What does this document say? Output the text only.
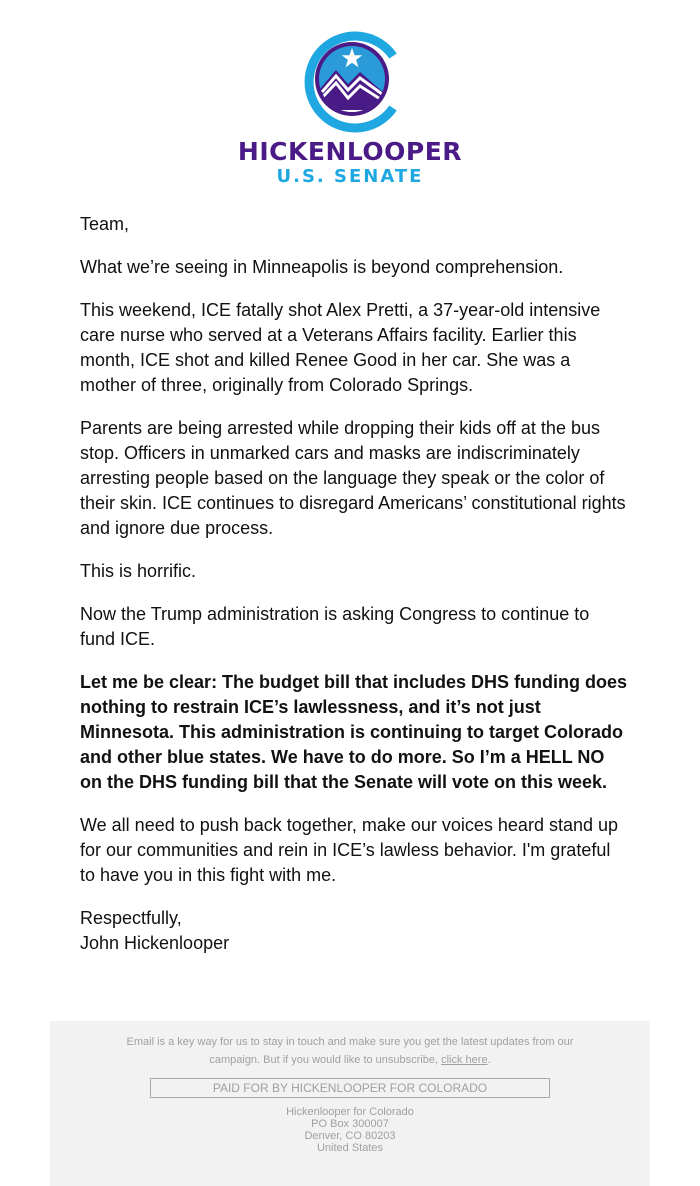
HICKENLOOPER
U.S. SENATE

Team,

What we’re seeing in Minneapolis is beyond comprehension.

This weekend, ICE fatally shot Alex Pretti, a 37-year-old intensive care nurse who served at a Veterans Affairs facility. Earlier this month, ICE shot and killed Renee Good in her car. She was a mother of three, originally from Colorado Springs.

Parents are being arrested while dropping their kids off at the bus stop. Officers in unmarked cars and masks are indiscriminately arresting people based on the language they speak or the color of their skin. ICE continues to disregard Americans’ constitutional rights and ignore due process.

This is horrific.

Now the Trump administration is asking Congress to continue to fund ICE.

Let me be clear: The budget bill that includes DHS funding does nothing to restrain ICE’s lawlessness, and it’s not just Minnesota. This administration is continuing to target Colorado and other blue states. We have to do more. So I’m a HELL NO on the DHS funding bill that the Senate will vote on this week.

We all need to push back together, make our voices heard stand up for our communities and rein in ICE’s lawless behavior. I'm grateful to have you in this fight with me.

Respectfully,
John Hickenlooper

Email is a key way for us to stay in touch and make sure you get the latest updates from our campaign. But if you would like to unsubscribe, click here.
PAID FOR BY HICKENLOOPER FOR COLORADO
Hickenlooper for Colorado
PO Box 300007
Denver, CO 80203
United States
